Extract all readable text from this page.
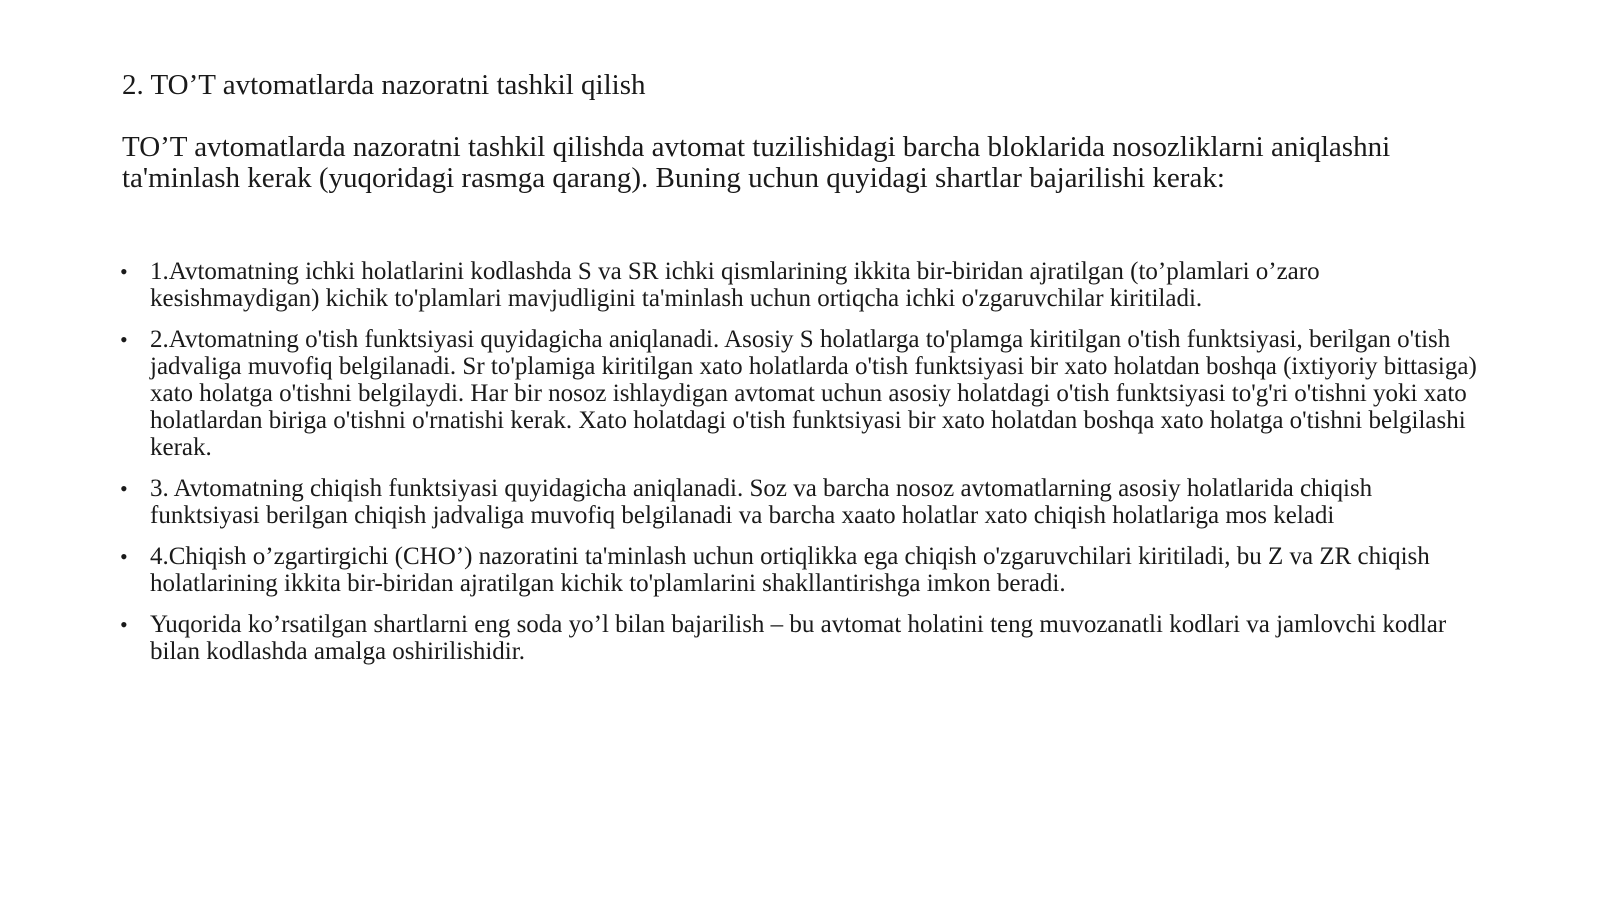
2. TO’T avtomatlarda nazoratni tashkil qilish

TO’T avtomatlarda nazoratni tashkil qilishda avtomat tuzilishidagi barcha bloklarida nosozliklarni aniqlashni ta'minlash kerak (yuqoridagi rasmga qarang). Buning uchun quyidagi shartlar bajarilishi kerak:

• 1.Avtomatning ichki holatlarini kodlashda S va SR ichki qismlarining ikkita bir-biridan ajratilgan (to’plamlari o’zaro kesishmaydigan) kichik to'plamlari mavjudligini ta'minlash uchun ortiqcha ichki o'zgaruvchilar kiritiladi.
• 2.Avtomatning o'tish funktsiyasi quyidagicha aniqlanadi. Asosiy S holatlarga to'plamga kiritilgan o'tish funktsiyasi, berilgan o'tish jadvaliga muvofiq belgilanadi. Sr to'plamiga kiritilgan xato holatlarda o'tish funktsiyasi bir xato holatdan boshqa (ixtiyoriy bittasiga) xato holatga o'tishni belgilaydi. Har bir nosoz ishlaydigan avtomat uchun asosiy holatdagi o'tish funktsiyasi to'g'ri o'tishni yoki xato holatlardan biriga o'tishni o'rnatishi kerak. Xato holatdagi o'tish funktsiyasi bir xato holatdan boshqa xato holatga o'tishni belgilashi kerak.
• 3. Avtomatning chiqish funktsiyasi quyidagicha aniqlanadi. Soz va barcha nosoz avtomatlarning asosiy holatlarida chiqish funktsiyasi berilgan chiqish jadvaliga muvofiq belgilanadi va barcha xaato holatlar xato chiqish holatlariga mos keladi
• 4.Chiqish o’zgartirgichi (CHO’) nazoratini ta'minlash uchun ortiqlikka ega chiqish o'zgaruvchilari kiritiladi, bu Z va ZR chiqish holatlarining ikkita bir-biridan ajratilgan kichik to'plamlarini shakllantirishga imkon beradi.
• Yuqorida ko’rsatilgan shartlarni eng soda yo’l bilan bajarilish – bu avtomat holatini teng muvozanatli kodlari va jamlovchi kodlar bilan kodlashda amalga oshirilishidir.
